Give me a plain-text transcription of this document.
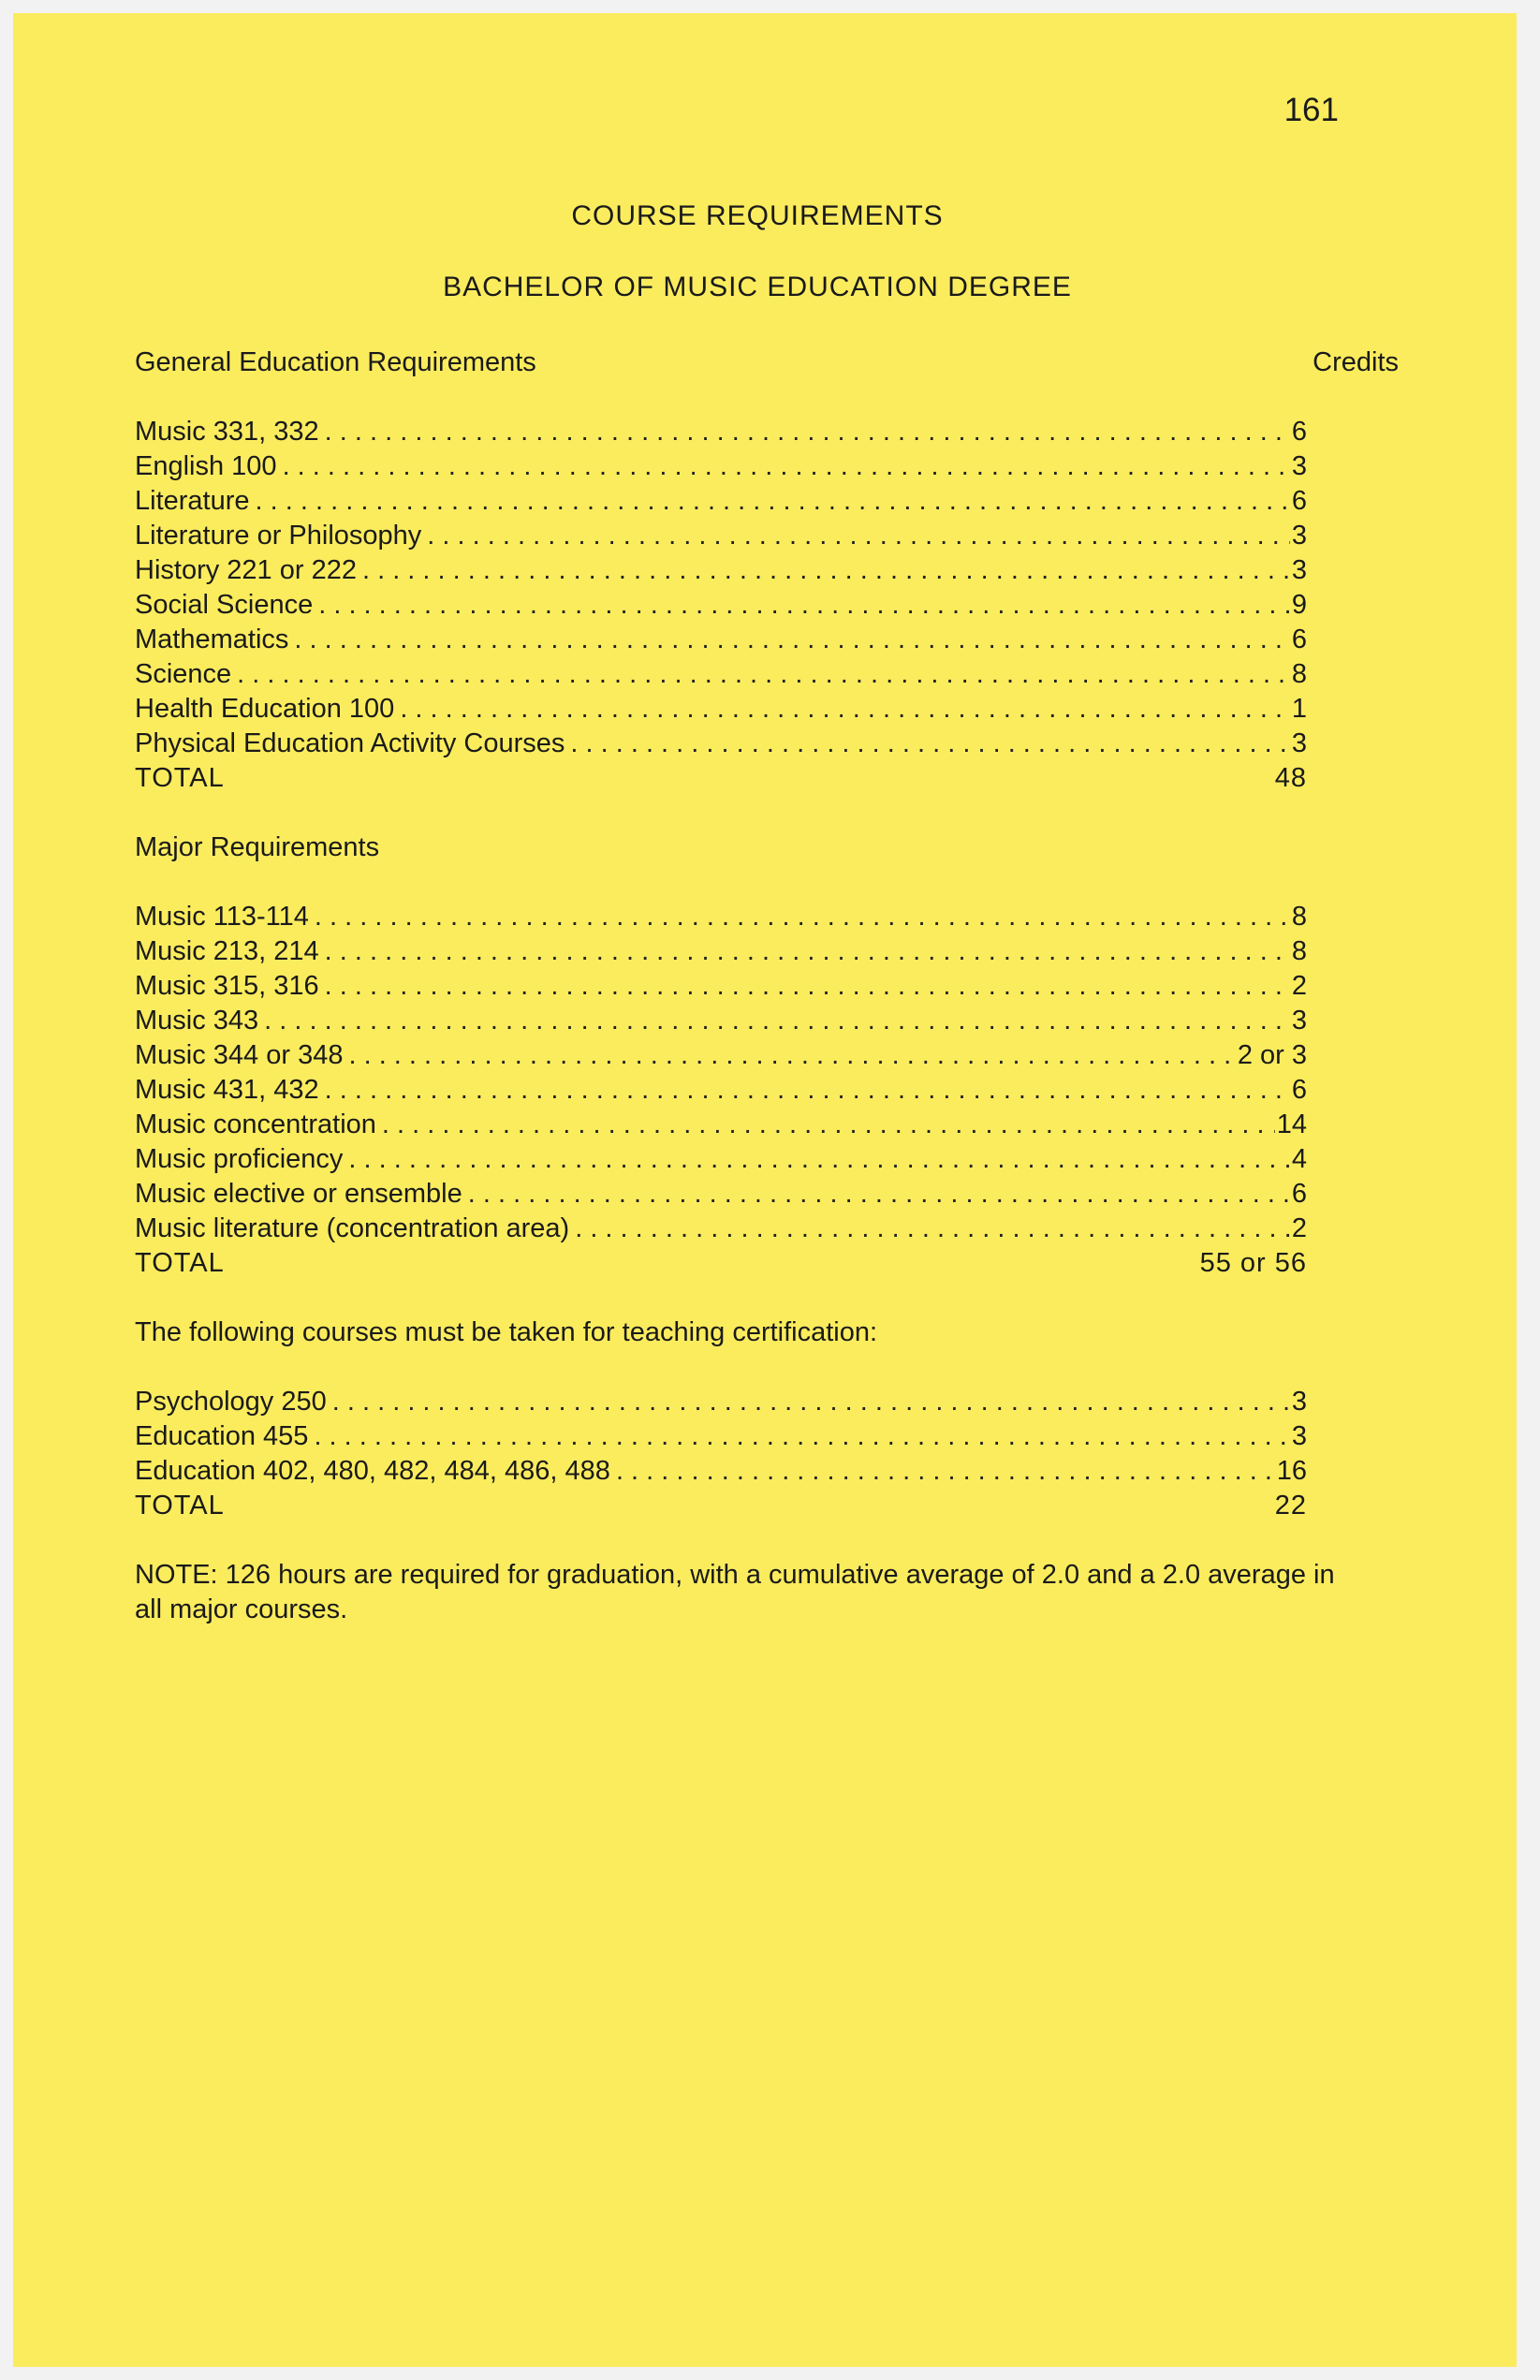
161
COURSE REQUIREMENTS
BACHELOR OF MUSIC EDUCATION DEGREE
General Education Requirements	Credits
Music 331, 332 . . .	6
English 100 . . .	3
Literature . . .	6
Literature or Philosophy . . .	3
History 221 or 222 . . .	3
Social Science . . .	9
Mathematics . . .	6
Science . . .	8
Health Education 100 . . .	1
Physical Education Activity Courses . . .	3
TOTAL	48
Major Requirements
Music 113-114 . . .	8
Music 213, 214 . . .	8
Music 315, 316 . . .	2
Music 343 . . .	3
Music 344 or 348 . . .	2 or 3
Music 431, 432 . . .	6
Music concentration . . .	14
Music proficiency . . .	4
Music elective or ensemble . . .	6
Music literature (concentration area) . . .	2
TOTAL	55 or 56
The following courses must be taken for teaching certification:
Psychology 250 . . .	3
Education 455 . . .	3
Education 402, 480, 482, 484, 486, 488 . . .	16
TOTAL	22
NOTE: 126 hours are required for graduation, with a cumulative average of 2.0 and a 2.0 average in all major courses.
